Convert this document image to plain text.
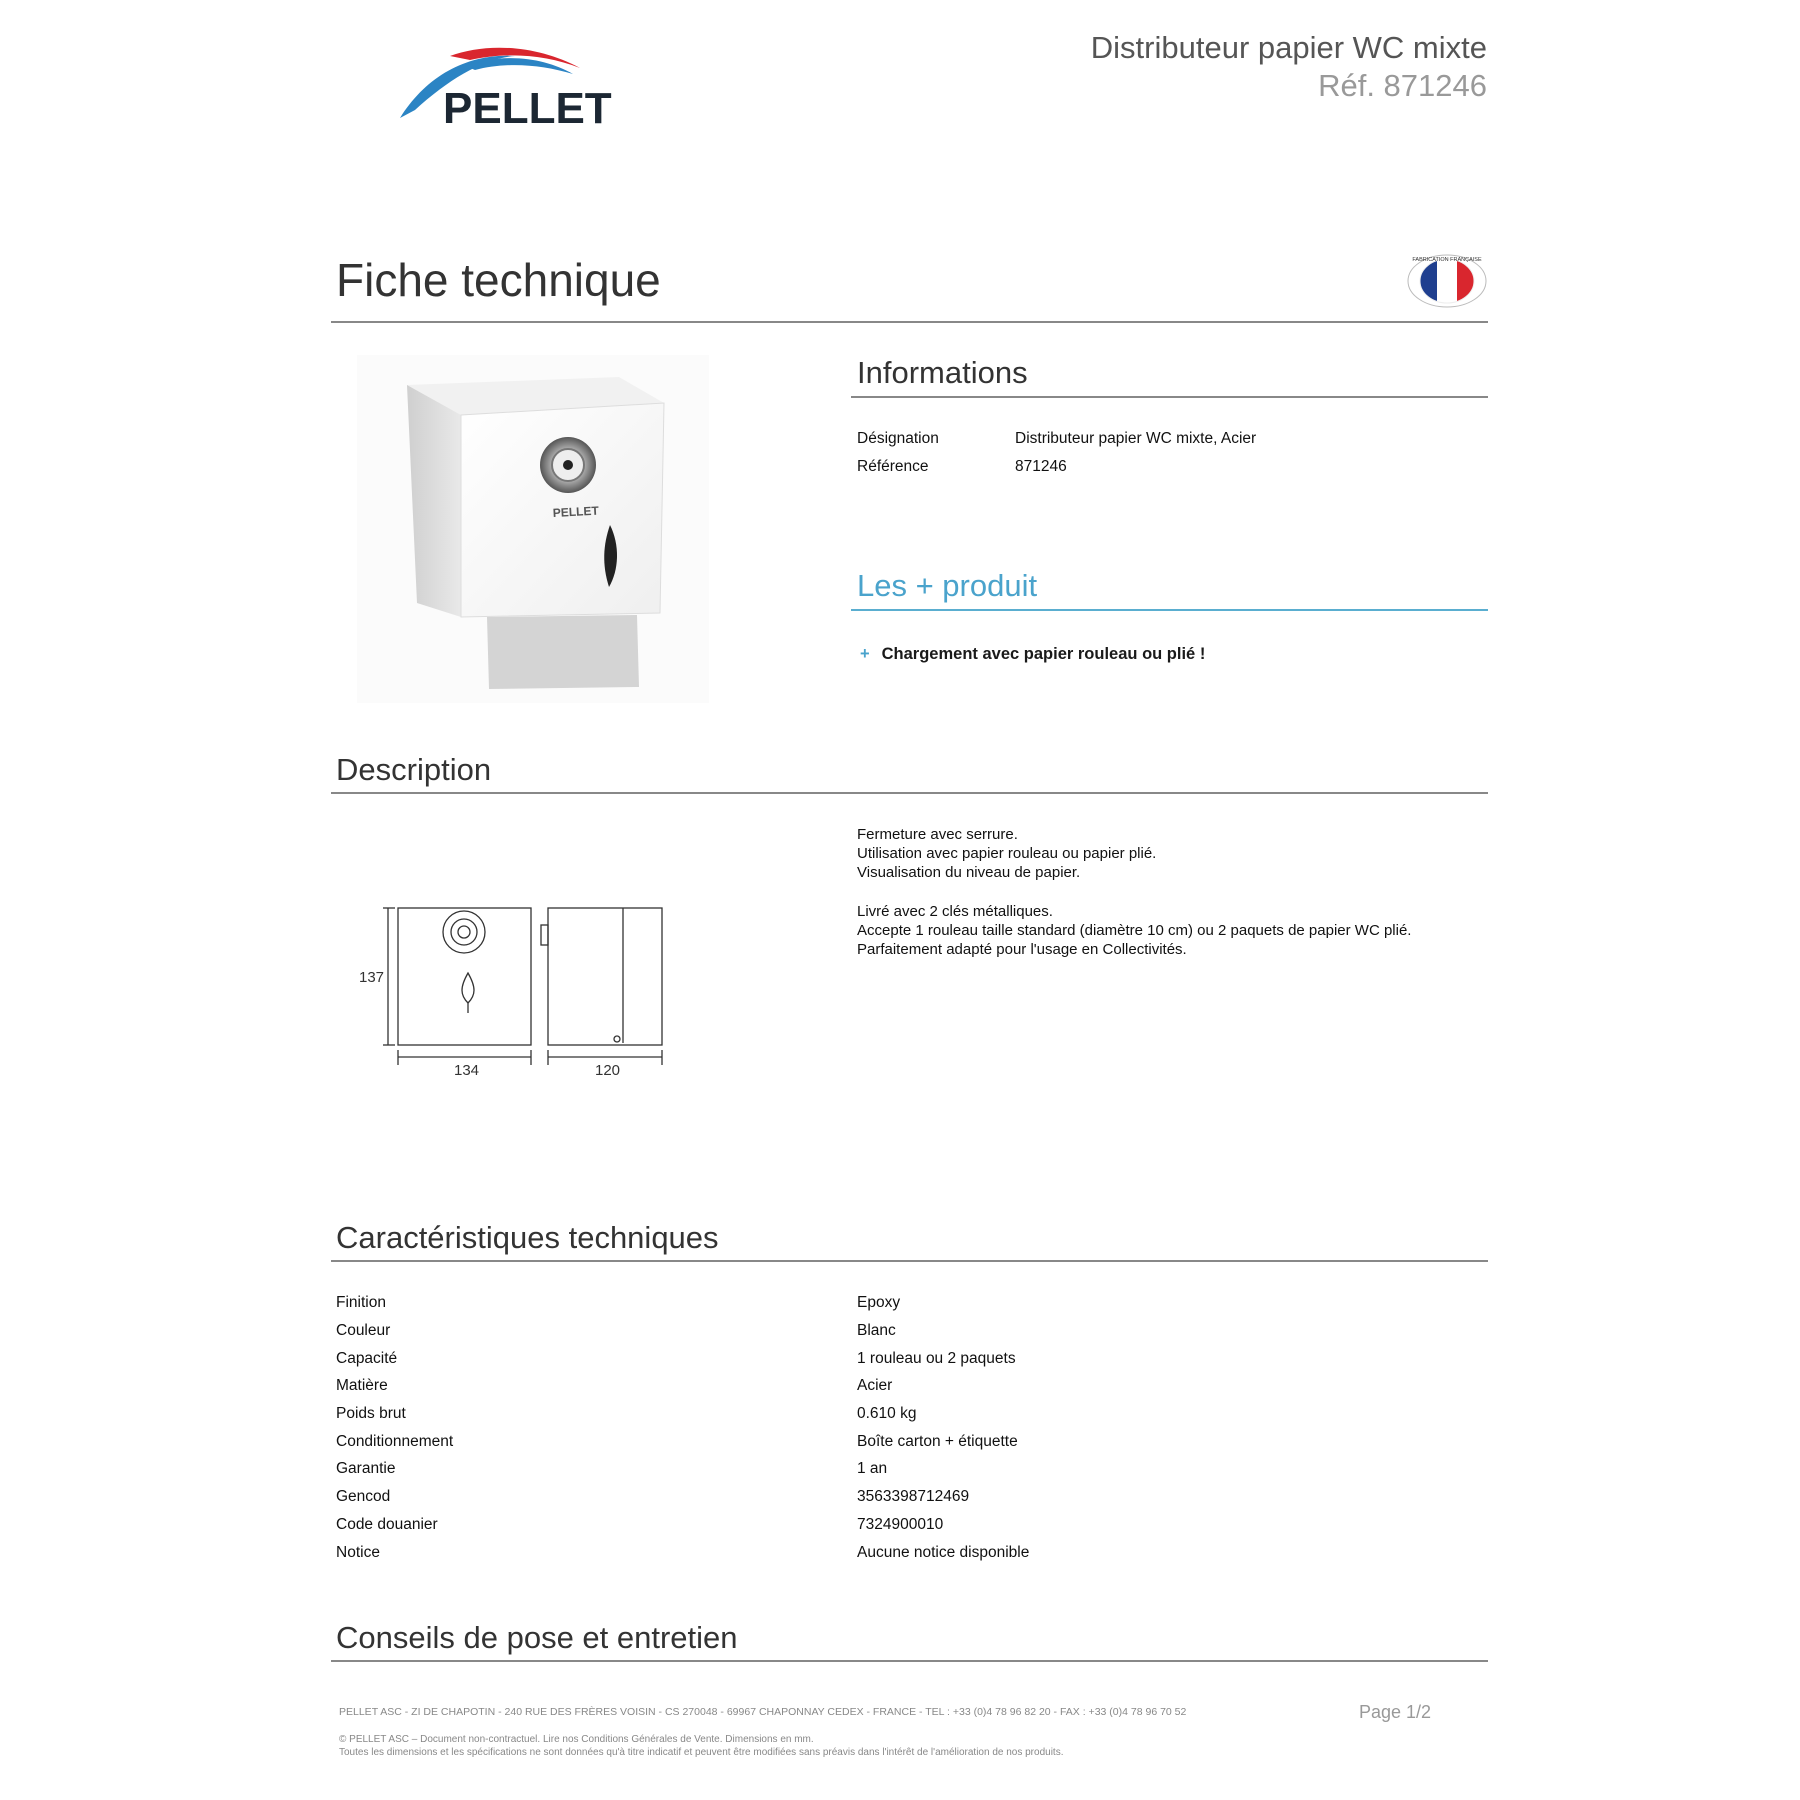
PELLET
Distributeur papier WC mixte
Réf. 871246
Fiche technique	FABRICATION FRANÇAISE
PELLET
Informations
Désignation	Distributeur papier WC mixte, Acier
Référence	871246
Les + produit
+ Chargement avec papier rouleau ou plié !
Description
137
134	120
Fermeture avec serrure.
Utilisation avec papier rouleau ou papier plié.
Visualisation du niveau de papier.
Livré avec 2 clés métalliques.
Accepte 1 rouleau taille standard (diamètre 10 cm) ou 2 paquets de papier WC plié.
Parfaitement adapté pour l'usage en Collectivités.
Caractéristiques techniques
Finition	Epoxy
Couleur	Blanc
Capacité	1 rouleau ou 2 paquets
Matière	Acier
Poids brut	0.610 kg
Conditionnement	Boîte carton + étiquette
Garantie	1 an
Gencod	3563398712469
Code douanier	7324900010
Notice	Aucune notice disponible
Conseils de pose et entretien
PELLET ASC - ZI DE CHAPOTIN - 240 RUE DES FRÈRES VOISIN - CS 270048 - 69967 CHAPONNAY CEDEX - FRANCE - TEL : +33 (0)4 78 96 82 20 - FAX : +33 (0)4 78 96 70 52	Page 1/2
© PELLET ASC – Document non-contractuel. Lire nos Conditions Générales de Vente. Dimensions en mm.
Toutes les dimensions et les spécifications ne sont données qu'à titre indicatif et peuvent être modifiées sans préavis dans l'intérêt de l'amélioration de nos produits.
